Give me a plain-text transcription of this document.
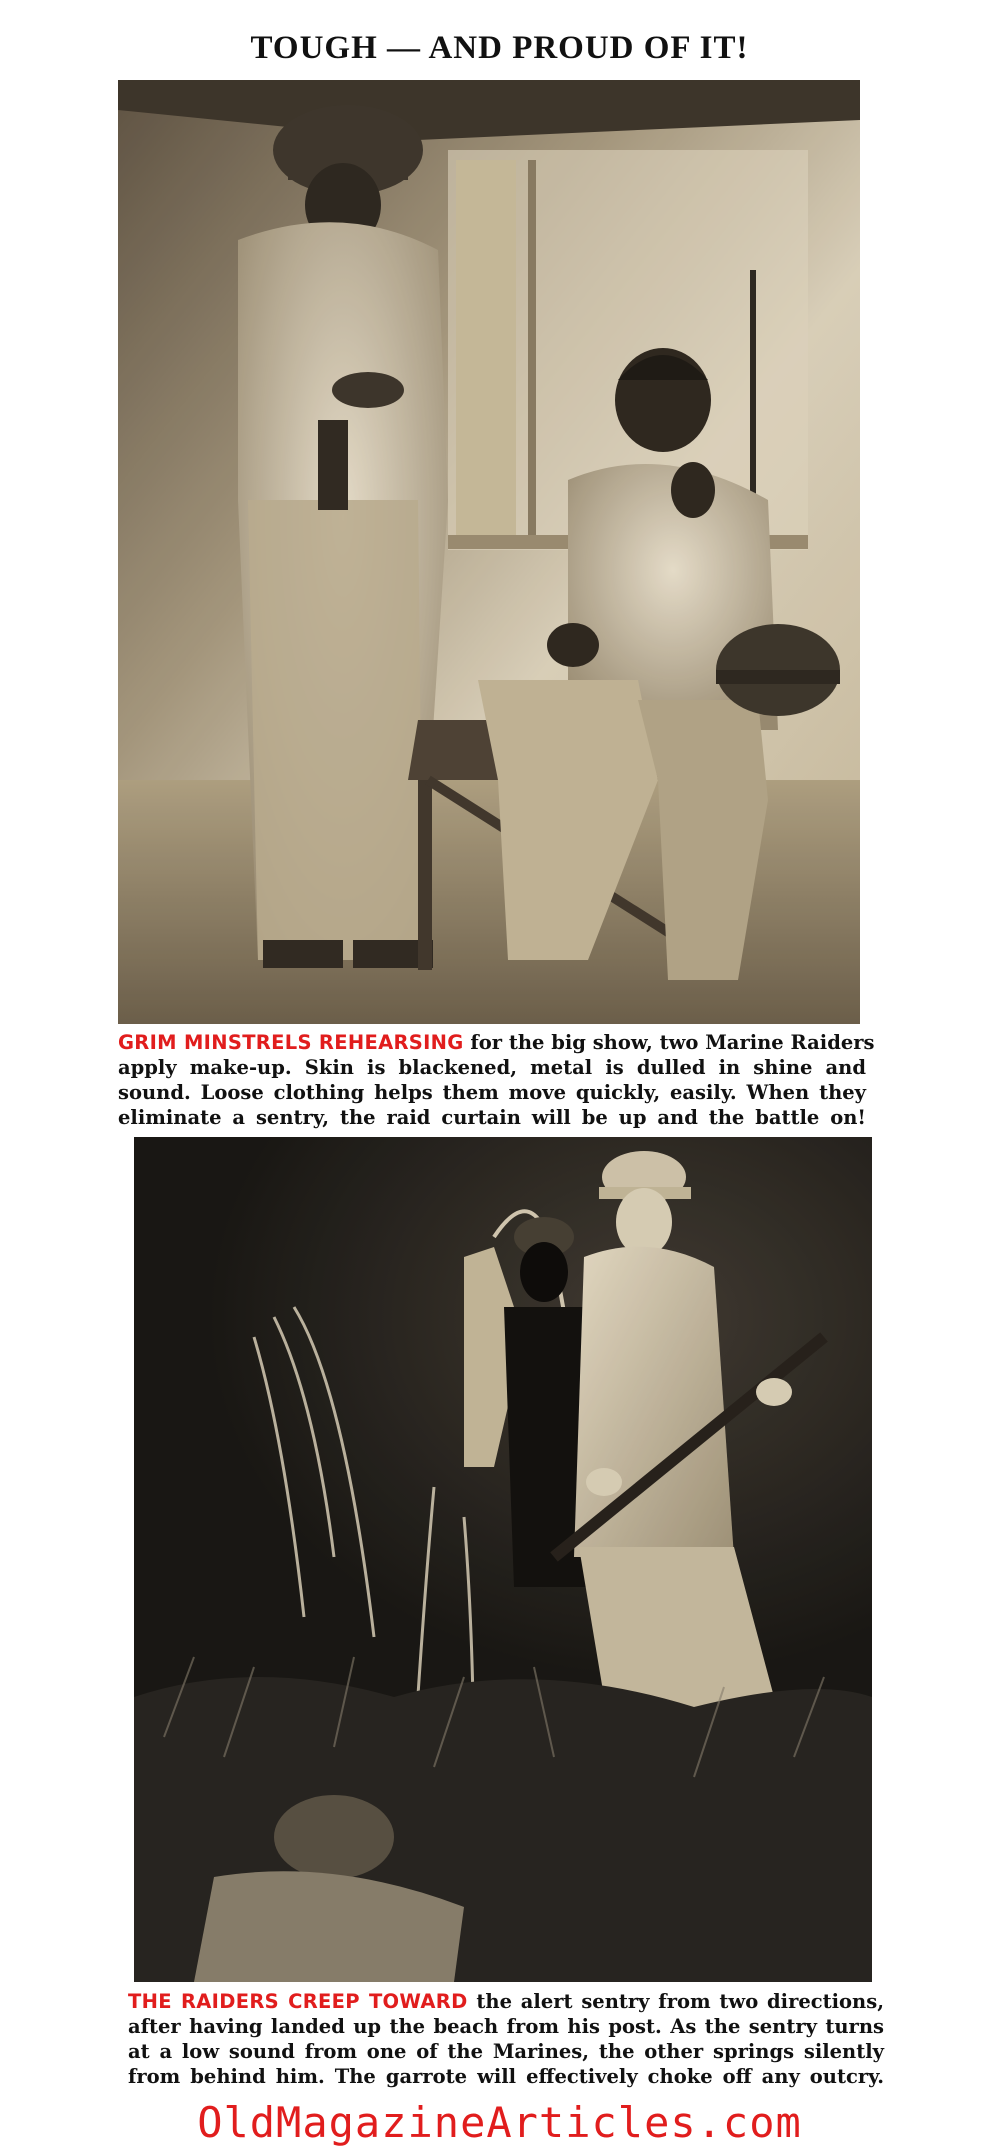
TOUGH — AND PROUD OF IT!
GRIM MINSTRELS REHEARSING for the big show, two Marine Raiders
apply make-up. Skin is blackened, metal is dulled in shine and
sound. Loose clothing helps them move quickly, easily. When they
eliminate a sentry, the raid curtain will be up and the battle on!
THE RAIDERS CREEP TOWARD the alert sentry from two directions,
after having landed up the beach from his post. As the sentry turns
at a low sound from one of the Marines, the other springs silently
from behind him. The garrote will effectively choke off any outcry.
OldMagazineArticles.com
